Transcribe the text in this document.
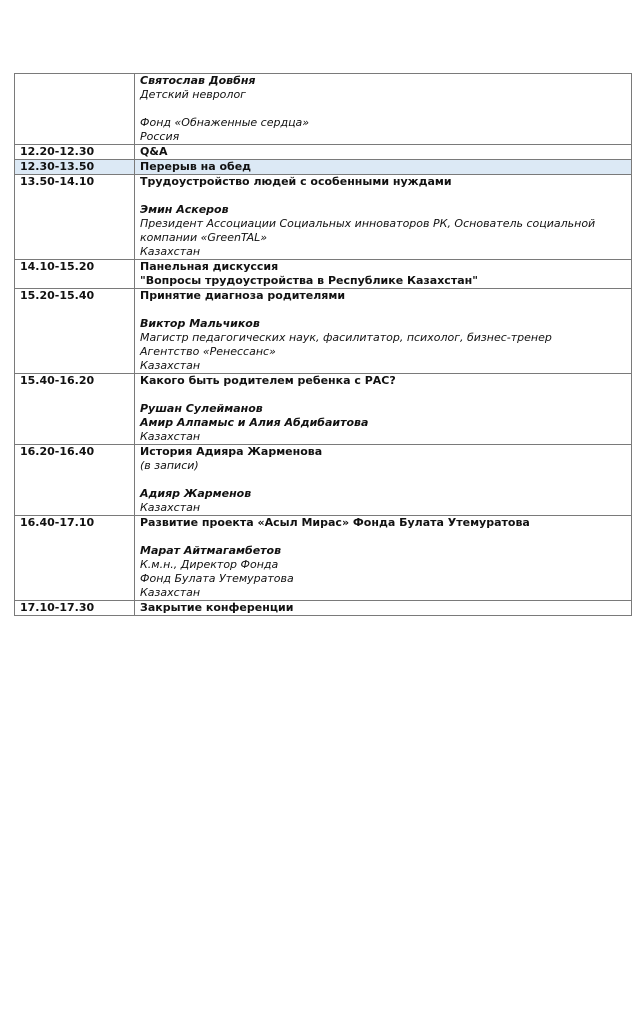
	Святослав Довбня
Детский невролог
Фонд «Обнаженные сердца»
Россия

12.20-12.30	Q&A

12.30-13.50	Перерыв на обед

13.50-14.10	Трудоустройство людей с особенными нуждами
Эмин Аскеров
Президент Ассоциации Социальных инноваторов РК, Основатель социальной компании «GreenTAL»
Казахстан

14.10-15.20	Панельная дискуссия
"Вопросы трудоустройства в Республике Казахстан"

15.20-15.40	Принятие диагноза родителями
Виктор Мальчиков
Магистр педагогических наук, фасилитатор, психолог, бизнес-тренер
Агентство «Ренессанс»
Казахстан

15.40-16.20	Какого быть родителем ребенка с РАС?
Рушан Сулейманов
Амир Алпамыс и Алия Абдибаитова
Казахстан

16.20-16.40	История Адияра Жарменова
(в записи)
Адияр Жарменов
Казахстан

16.40-17.10	Развитие проекта «Асыл Мирас» Фонда Булата Утемуратова
Марат Айтмагамбетов
К.м.н., Директор Фонда
Фонд Булата Утемуратова
Казахстан

17.10-17.30	Закрытие конференции
